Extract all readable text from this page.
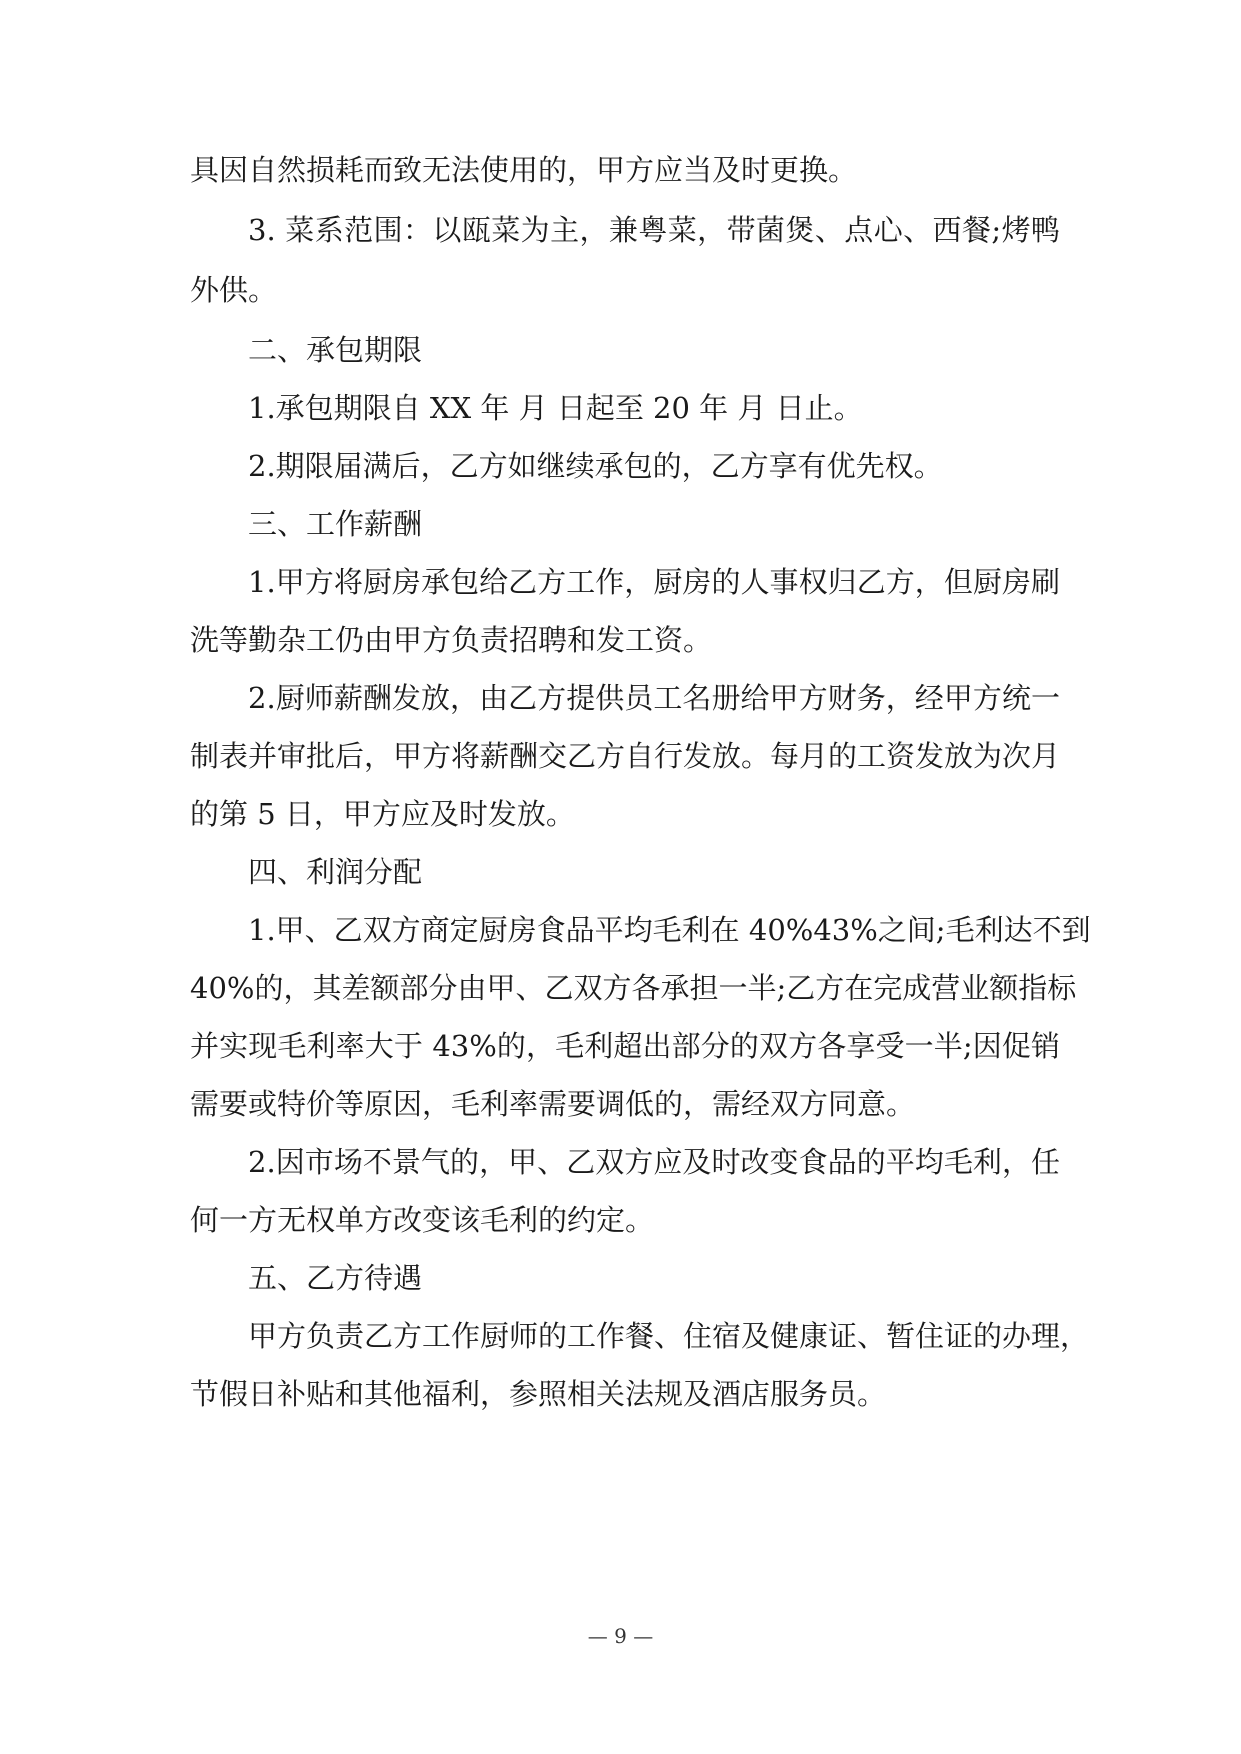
具因自然损耗而致无法使用的，甲方应当及时更换。
3. 菜系范围：以瓯菜为主，兼粤菜，带菌煲、点心、西餐;烤鸭
外供。
二、承包期限
1.承包期限自 XX 年 月 日起至 20 年 月 日止。
2.期限届满后，乙方如继续承包的，乙方享有优先权。
三、工作薪酬
1.甲方将厨房承包给乙方工作，厨房的人事权归乙方，但厨房刷
洗等勤杂工仍由甲方负责招聘和发工资。
2.厨师薪酬发放，由乙方提供员工名册给甲方财务，经甲方统一
制表并审批后，甲方将薪酬交乙方自行发放。每月的工资发放为次月
的第 5 日，甲方应及时发放。
四、利润分配
1.甲、乙双方商定厨房食品平均毛利在 40%43%之间;毛利达不到
40%的，其差额部分由甲、乙双方各承担一半;乙方在完成营业额指标
并实现毛利率大于 43%的，毛利超出部分的双方各享受一半;因促销
需要或特价等原因，毛利率需要调低的，需经双方同意。
2.因市场不景气的，甲、乙双方应及时改变食品的平均毛利，任
何一方无权单方改变该毛利的约定。
五、乙方待遇
甲方负责乙方工作厨师的工作餐、住宿及健康证、暂住证的办理，
节假日补贴和其他福利，参照相关法规及酒店服务员。
— 9 —
